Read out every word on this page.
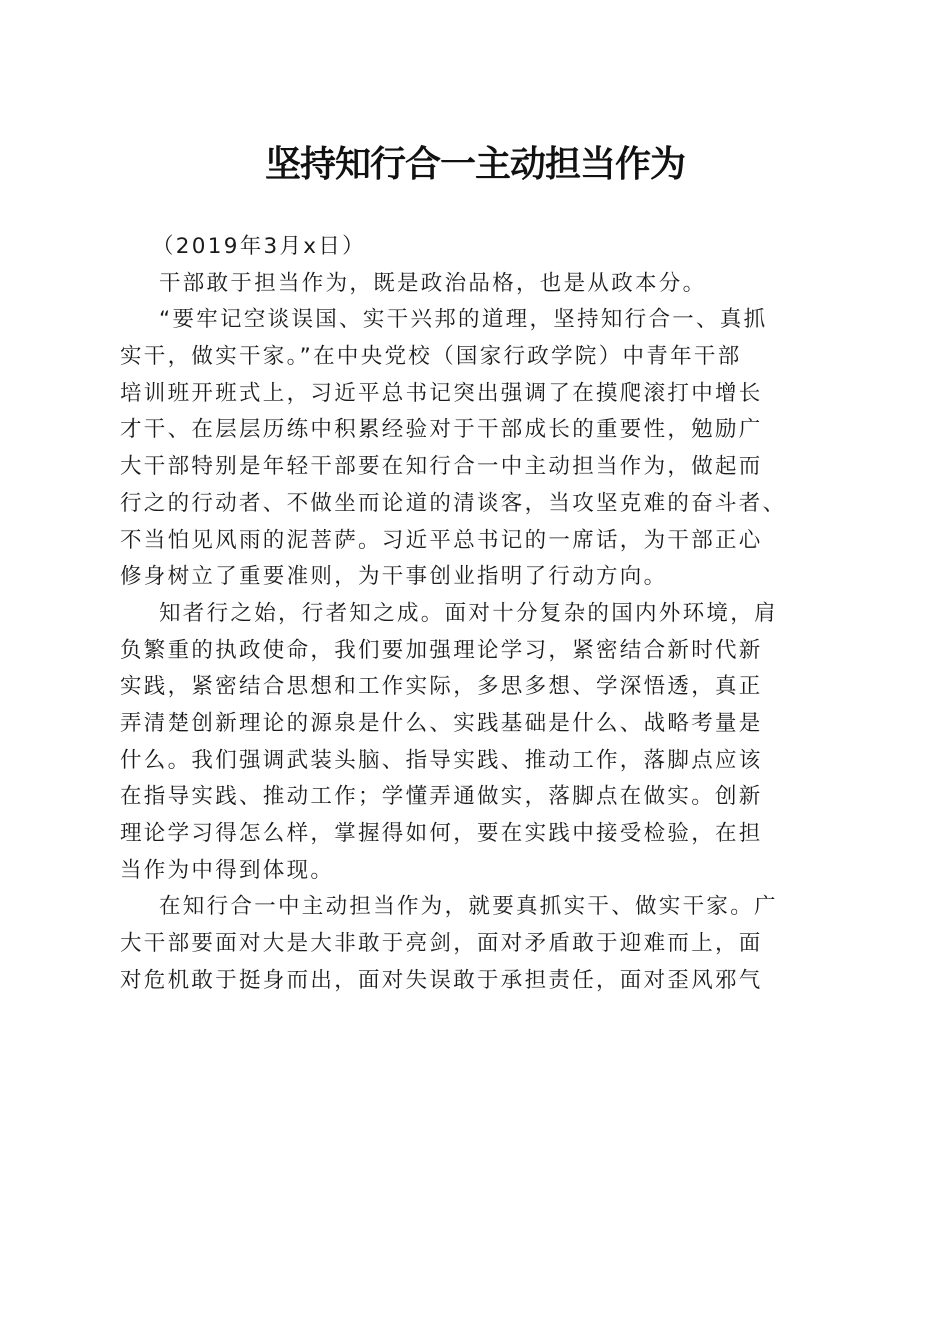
坚持知行合一主动担当作为
（2019年3月x日）
干部敢于担当作为，既是政治品格，也是从政本分。
“要牢记空谈误国、实干兴邦的道理，坚持知行合一、真抓
实干，做实干家。”在中央党校（国家行政学院）中青年干部
培训班开班式上，习近平总书记突出强调了在摸爬滚打中增长
才干、在层层历练中积累经验对于干部成长的重要性，勉励广
大干部特别是年轻干部要在知行合一中主动担当作为，做起而
行之的行动者、不做坐而论道的清谈客，当攻坚克难的奋斗者、
不当怕见风雨的泥菩萨。习近平总书记的一席话，为干部正心
修身树立了重要准则，为干事创业指明了行动方向。
知者行之始，行者知之成。面对十分复杂的国内外环境，肩
负繁重的执政使命，我们要加强理论学习，紧密结合新时代新
实践，紧密结合思想和工作实际，多思多想、学深悟透，真正
弄清楚创新理论的源泉是什么、实践基础是什么、战略考量是
什么。我们强调武装头脑、指导实践、推动工作，落脚点应该
在指导实践、推动工作；学懂弄通做实，落脚点在做实。创新
理论学习得怎么样，掌握得如何，要在实践中接受检验，在担
当作为中得到体现。
在知行合一中主动担当作为，就要真抓实干、做实干家。广
大干部要面对大是大非敢于亮剑，面对矛盾敢于迎难而上，面
对危机敢于挺身而出，面对失误敢于承担责任，面对歪风邪气
